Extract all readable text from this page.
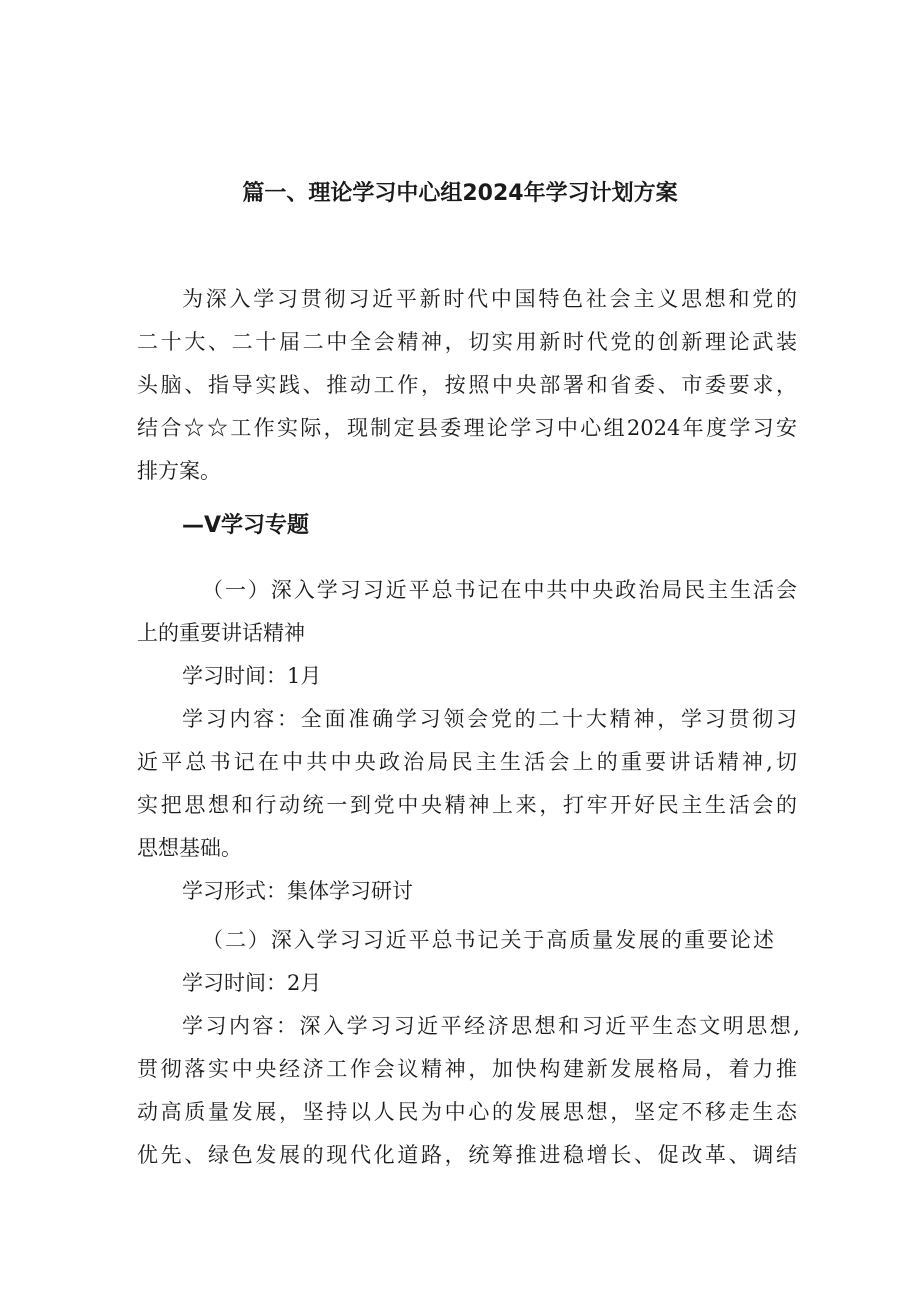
篇一、理论学习中心组2024年学习计划方案
为深入学习贯彻习近平新时代中国特色社会主义思想和党的
二十大、二十届二中全会精神，切实用新时代党的创新理论武装
头脑、指导实践、推动工作，按照中央部署和省委、市委要求，
结合☆☆工作实际，现制定县委理论学习中心组2024年度学习安
排方案。
—V学习专题
（一）深入学习习近平总书记在中共中央政治局民主生活会
上的重要讲话精神
学习时间：1月
学习内容：全面准确学习领会党的二十大精神，学习贯彻习
近平总书记在中共中央政治局民主生活会上的重要讲话精神,切
实把思想和行动统一到党中央精神上来，打牢开好民主生活会的
思想基础。
学习形式：集体学习研讨
（二）深入学习习近平总书记关于高质量发展的重要论述
学习时间：2月
学习内容：深入学习习近平经济思想和习近平生态文明思想,
贯彻落实中央经济工作会议精神，加快构建新发展格局，着力推
动高质量发展，坚持以人民为中心的发展思想，坚定不移走生态
优先、绿色发展的现代化道路，统筹推进稳增长、促改革、调结
